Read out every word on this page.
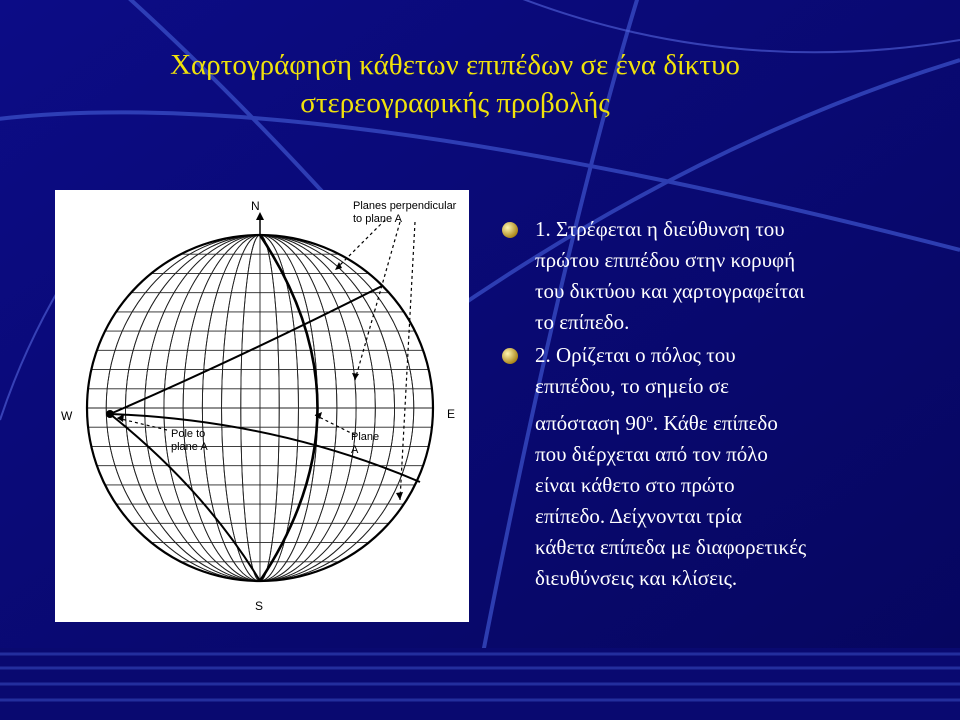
Χαρτογράφηση κάθετων επιπέδων σε ένα δίκτυο
στερεογραφικής προβολής
N
S
W	E
Planes perpendicular
to plane A
Pole to
plane A
Plane
A
1. Στρέφεται η διεύθυνση του
πρώτου επιπέδου στην κορυφή
του δικτύου και χαρτογραφείται
το επίπεδο.
2. Ορίζεται ο πόλος του
επιπέδου, το σημείο σε
απόσταση $90^o$. Κάθε επίπεδο
που διέρχεται από τον πόλο
είναι κάθετο στο πρώτο
επίπεδο. Δείχνονται τρία
κάθετα επίπεδα με διαφορετικές
διευθύνσεις και κλίσεις.
